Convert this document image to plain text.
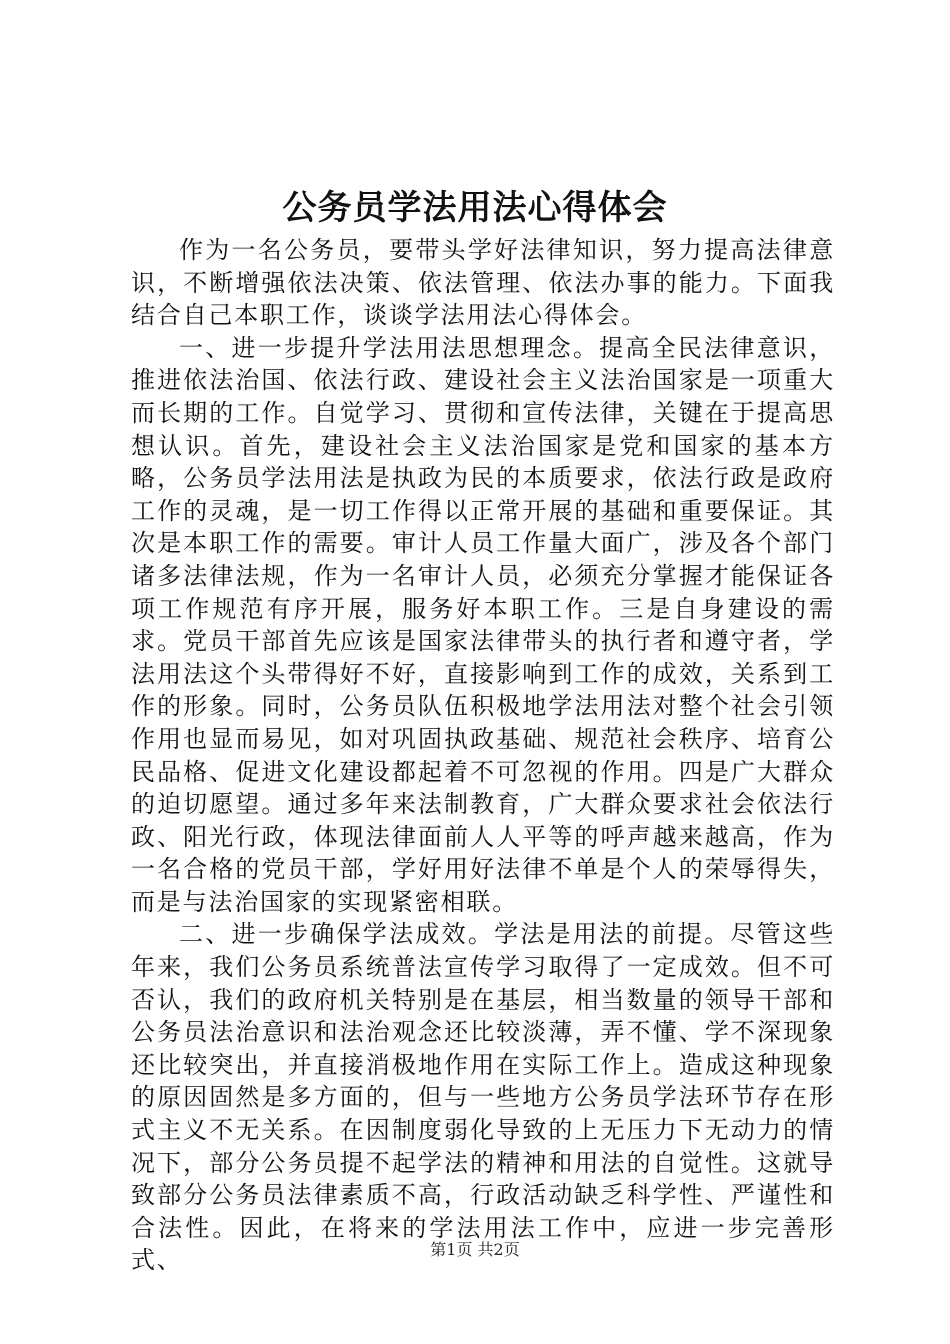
公务员学法用法心得体会

作为一名公务员，要带头学好法律知识，努力提高法律意识，不断增强依法决策、依法管理、依法办事的能力。下面我结合自己本职工作，谈谈学法用法心得体会。

一、进一步提升学法用法思想理念。提高全民法律意识，推进依法治国、依法行政、建设社会主义法治国家是一项重大而长期的工作。自觉学习、贯彻和宣传法律，关键在于提高思想认识。首先，建设社会主义法治国家是党和国家的基本方略，公务员学法用法是执政为民的本质要求，依法行政是政府工作的灵魂，是一切工作得以正常开展的基础和重要保证。其次是本职工作的需要。审计人员工作量大面广，涉及各个部门诸多法律法规，作为一名审计人员，必须充分掌握才能保证各项工作规范有序开展，服务好本职工作。三是自身建设的需求。党员干部首先应该是国家法律带头的执行者和遵守者，学法用法这个头带得好不好，直接影响到工作的成效，关系到工作的形象。同时，公务员队伍积极地学法用法对整个社会引领作用也显而易见，如对巩固执政基础、规范社会秩序、培育公民品格、促进文化建设都起着不可忽视的作用。四是广大群众的迫切愿望。通过多年来法制教育，广大群众要求社会依法行政、阳光行政，体现法律面前人人平等的呼声越来越高，作为一名合格的党员干部，学好用好法律不单是个人的荣辱得失，而是与法治国家的实现紧密相联。

二、进一步确保学法成效。学法是用法的前提。尽管这些年来，我们公务员系统普法宣传学习取得了一定成效。但不可否认，我们的政府机关特别是在基层，相当数量的领导干部和公务员法治意识和法治观念还比较淡薄，弄不懂、学不深现象还比较突出，并直接消极地作用在实际工作上。造成这种现象的原因固然是多方面的，但与一些地方公务员学法环节存在形式主义不无关系。在因制度弱化导致的上无压力下无动力的情况下，部分公务员提不起学法的精神和用法的自觉性。这就导致部分公务员法律素质不高，行政活动缺乏科学性、严谨性和合法性。因此，在将来的学法用法工作中，应进一步完善形式、	第1页 共2页
